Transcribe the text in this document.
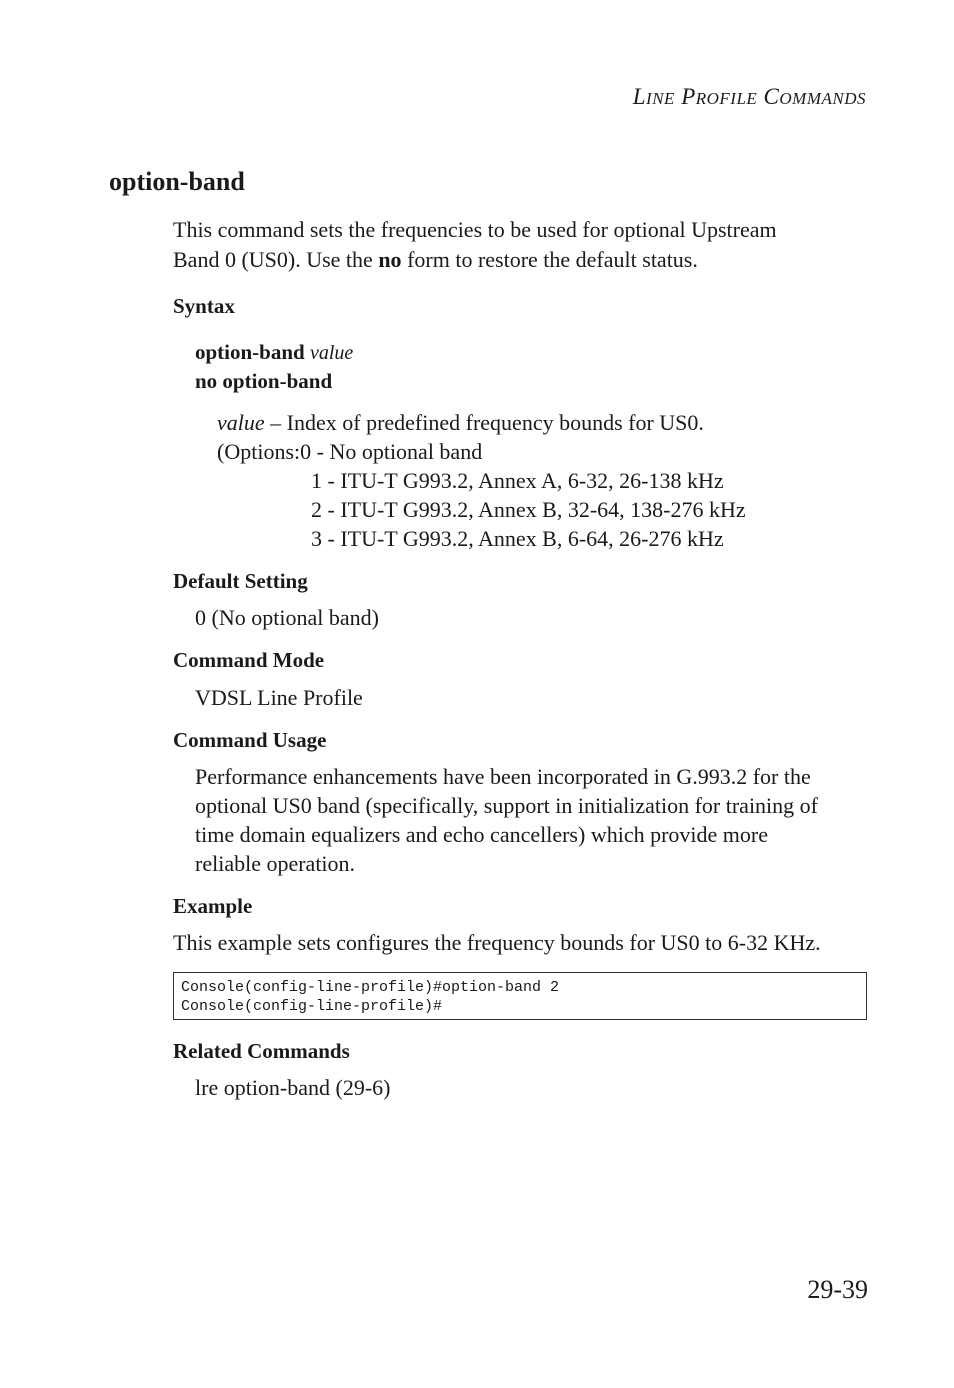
LINE PROFILE COMMANDS
option-band
This command sets the frequencies to be used for optional Upstream
Band 0 (US0). Use the no form to restore the default status.
Syntax
option-band value
no option-band
value – Index of predefined frequency bounds for US0.
(Options:0 - No optional band
1 - ITU-T G993.2, Annex A, 6-32, 26-138 kHz
2 - ITU-T G993.2, Annex B, 32-64, 138-276 kHz
3 - ITU-T G993.2, Annex B, 6-64, 26-276 kHz
Default Setting
0 (No optional band)
Command Mode
VDSL Line Profile
Command Usage
Performance enhancements have been incorporated in G.993.2 for the
optional US0 band (specifically, support in initialization for training of
time domain equalizers and echo cancellers) which provide more
reliable operation.
Example
This example sets configures the frequency bounds for US0 to 6-32 KHz.
Console(config-line-profile)#option-band 2
Console(config-line-profile)#
Related Commands
lre option-band (29-6)
29-39
